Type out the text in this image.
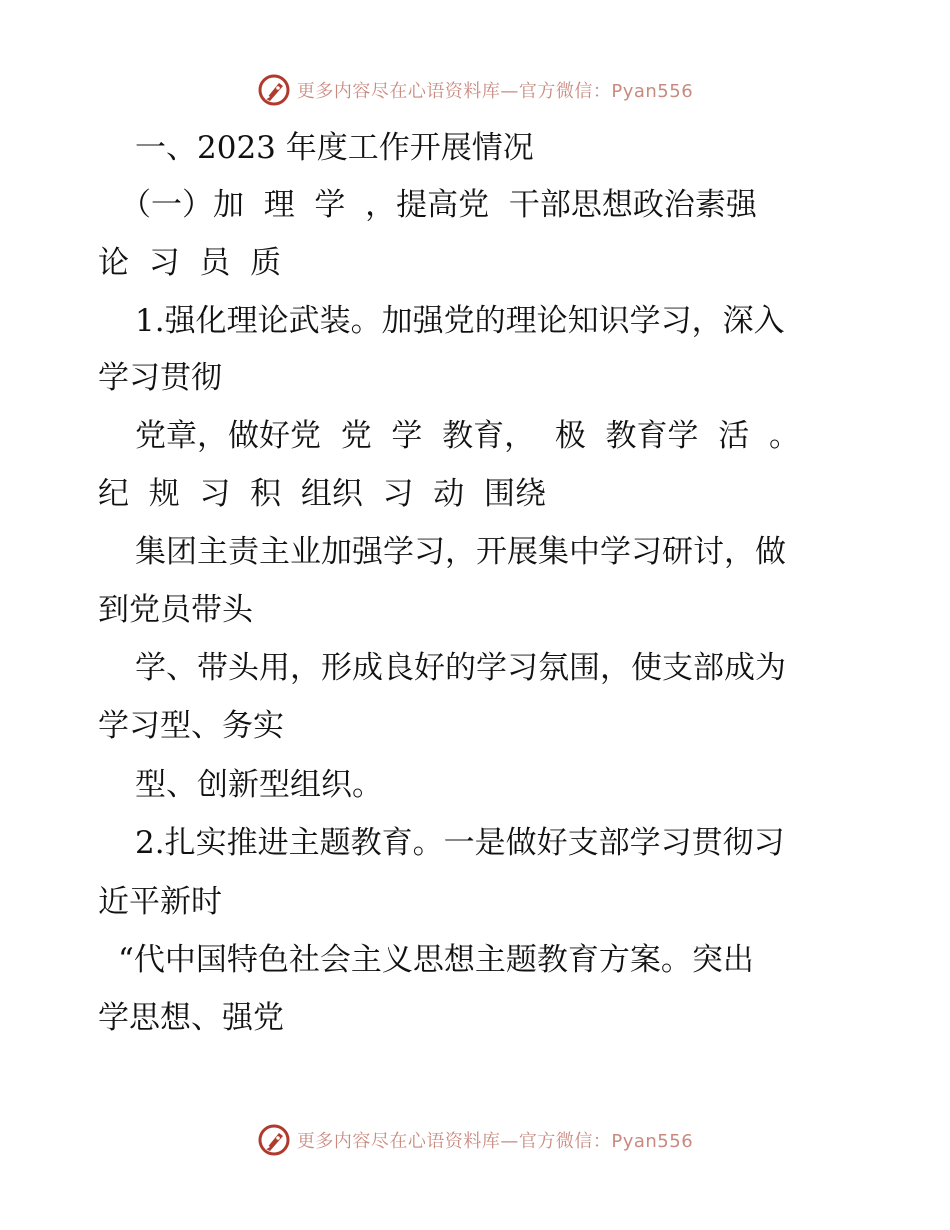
更多内容尽在心语资料库—官方微信：Pyan556
一、2023 年度工作开展情况
（一）加  理  学  ，提高党  干部思想政治素强
论  习  员  质
1.强化理论武装。加强党的理论知识学习，深入
学习贯彻
党章，做好党  党  学  教育，  极  教育学  活  。
纪  规  习  积  组织  习  动  围绕
集团主责主业加强学习，开展集中学习研讨，做
到党员带头
学、带头用，形成良好的学习氛围，使支部成为
学习型、务实
型、创新型组织。
2.扎实推进主题教育。一是做好支部学习贯彻习
近平新时
“代中国特色社会主义思想主题教育方案。突出
学思想、强党
更多内容尽在心语资料库—官方微信：Pyan556
